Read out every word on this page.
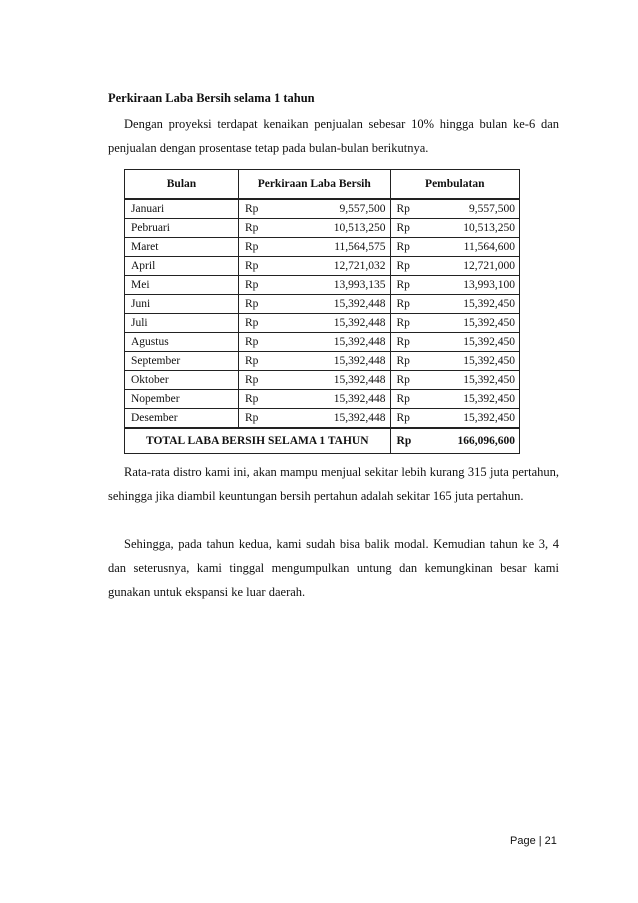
Perkiraan Laba Bersih selama 1 tahun

Dengan proyeksi terdapat kenaikan penjualan sebesar 10% hingga bulan ke-6 dan penjualan dengan prosentase tetap pada bulan-bulan berikutnya.

Bulan	Perkiraan Laba Bersih		Pembulatan	
Januari	Rp	9,557,500	Rp	9,557,500
Pebruari	Rp	10,513,250	Rp	10,513,250
Maret	Rp	11,564,575	Rp	11,564,600
April	Rp	12,721,032	Rp	12,721,000
Mei	Rp	13,993,135	Rp	13,993,100
Juni	Rp	15,392,448	Rp	15,392,450
Juli	Rp	15,392,448	Rp	15,392,450
Agustus	Rp	15,392,448	Rp	15,392,450
September	Rp	15,392,448	Rp	15,392,450
Oktober	Rp	15,392,448	Rp	15,392,450
Nopember	Rp	15,392,448	Rp	15,392,450
Desember	Rp	15,392,448	Rp	15,392,450
TOTAL LABA BERSIH SELAMA 1 TAHUN			Rp	166,096,600

Rata-rata distro kami ini, akan mampu menjual sekitar lebih kurang 315 juta pertahun, sehingga jika diambil keuntungan bersih pertahun adalah sekitar 165 juta pertahun.

Sehingga, pada tahun kedua, kami sudah bisa balik modal. Kemudian tahun ke 3, 4 dan seterusnya, kami tinggal mengumpulkan untung dan kemungkinan besar kami gunakan untuk ekspansi ke luar daerah.

Page | 21
